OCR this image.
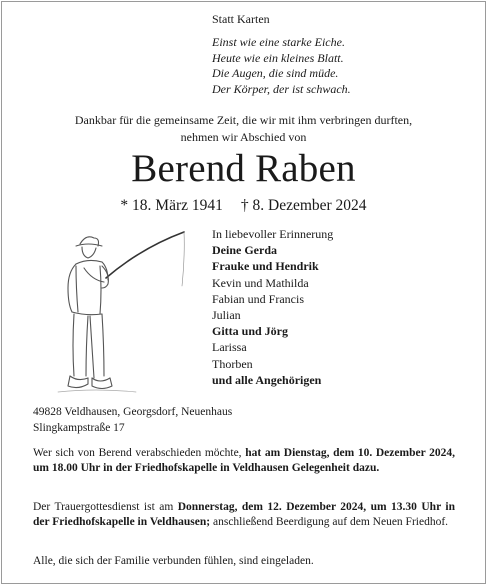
Statt Karten
Einst wie eine starke Eiche.
Heute wie ein kleines Blatt.
Die Augen, die sind müde.
Der Körper, der ist schwach.
Dankbar für die gemeinsame Zeit, die wir mit ihm verbringen durften,
nehmen wir Abschied von
Berend Raben
* 18. März 1941 † 8. Dezember 2024
In liebevoller Erinnerung
Deine Gerda
Frauke und Hendrik
Kevin und Mathilda
Fabian und Francis
Julian
Gitta und Jörg
Larissa
Thorben
und alle Angehörigen
49828 Veldhausen, Georgsdorf, Neuenhaus
Slingkampstraße 17
Wer sich von Berend verabschieden möchte, hat am Dienstag, dem 10. Dezember 2024, um 18.00 Uhr in der Friedhofskapelle in Veldhausen Gelegenheit dazu.
Der Trauergottesdienst ist am Donnerstag, dem 12. Dezember 2024, um 13.30 Uhr in der Friedhofskapelle in Veldhausen; anschließend Beerdigung auf dem Neuen Friedhof.
Alle, die sich der Familie verbunden fühlen, sind eingeladen.
